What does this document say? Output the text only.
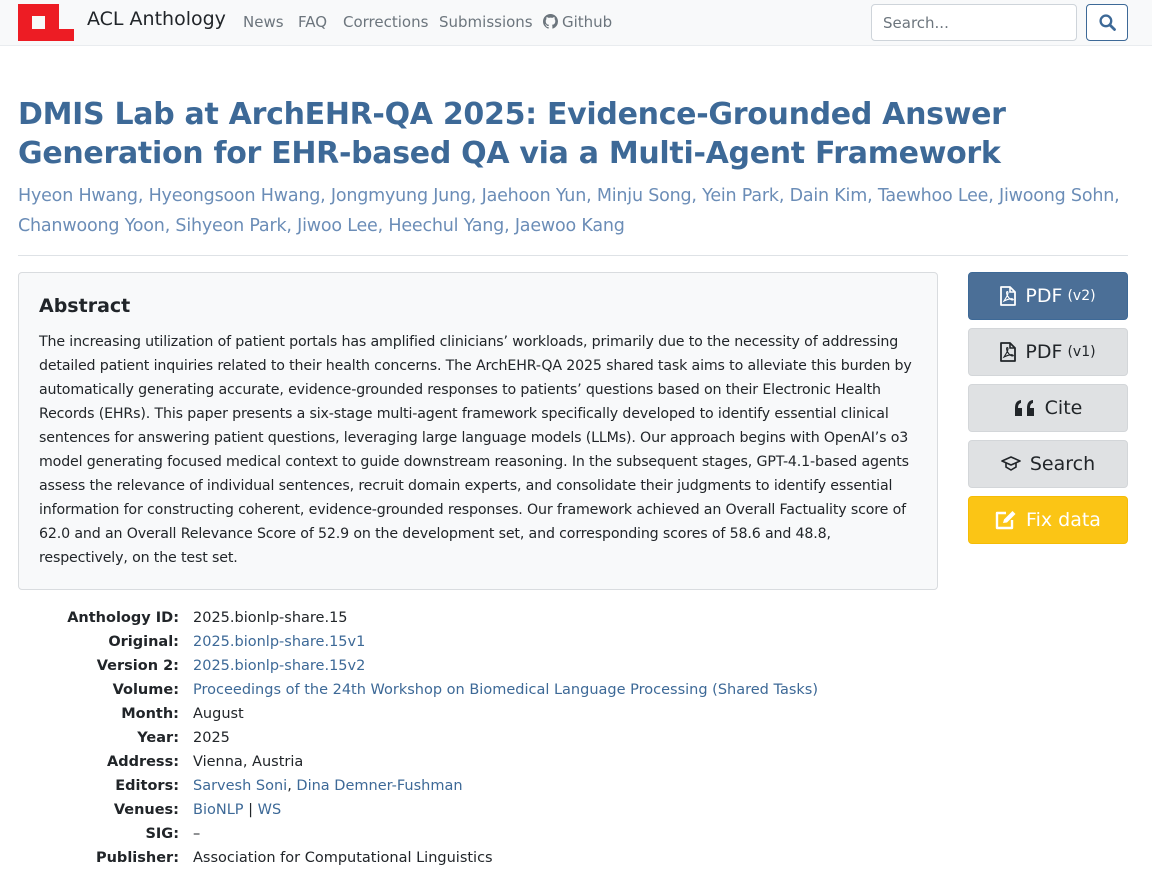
ACL Anthology News FAQ Corrections Submissions	Github
Search...
DMIS Lab at ArchEHR-QA 2025: Evidence-Grounded Answer Generation for EHR-based QA via a Multi-Agent Framework

Hyeon Hwang, Hyeongsoon Hwang, Jongmyung Jung, Jaehoon Yun, Minju Song, Yein Park, Dain Kim, Taewhoo Lee, Jiwoong Sohn,
Chanwoong Yoon, Sihyeon Park, Jiwoo Lee, Heechul Yang, Jaewoo Kang

Abstract

The increasing utilization of patient portals has amplified clinicians’ workloads, primarily due to the necessity of addressing detailed patient inquiries related to their health concerns. The ArchEHR-QA 2025 shared task aims to alleviate this burden by automatically generating accurate, evidence-grounded responses to patients’ questions based on their Electronic Health Records (EHRs). This paper presents a six-stage multi-agent framework specifically developed to identify essential clinical sentences for answering patient questions, leveraging large language models (LLMs). Our approach begins with OpenAI’s o3 model generating focused medical context to guide downstream reasoning. In the subsequent stages, GPT-4.1-based agents assess the relevance of individual sentences, recruit domain experts, and consolidate their judgments to identify essential information for constructing coherent, evidence-grounded responses. Our framework achieved an Overall Factuality score of 62.0 and an Overall Relevance Score of 52.9 on the development set, and corresponding scores of 58.6 and 48.8, respectively, on the test set.

PDF (v2)
PDF (v1)
Cite
Search
Fix data
Anthology ID: 2025.bionlp-share.15
Original: 2025.bionlp-share.15v1
Version 2: 2025.bionlp-share.15v2
Volume: Proceedings of the 24th Workshop on Biomedical Language Processing (Shared Tasks)
Month: August
Year: 2025
Address: Vienna, Austria
Editors: Sarvesh Soni, Dina Demner-Fushman
Venues: BioNLP | WS
SIG: –
Publisher: Association for Computational Linguistics
